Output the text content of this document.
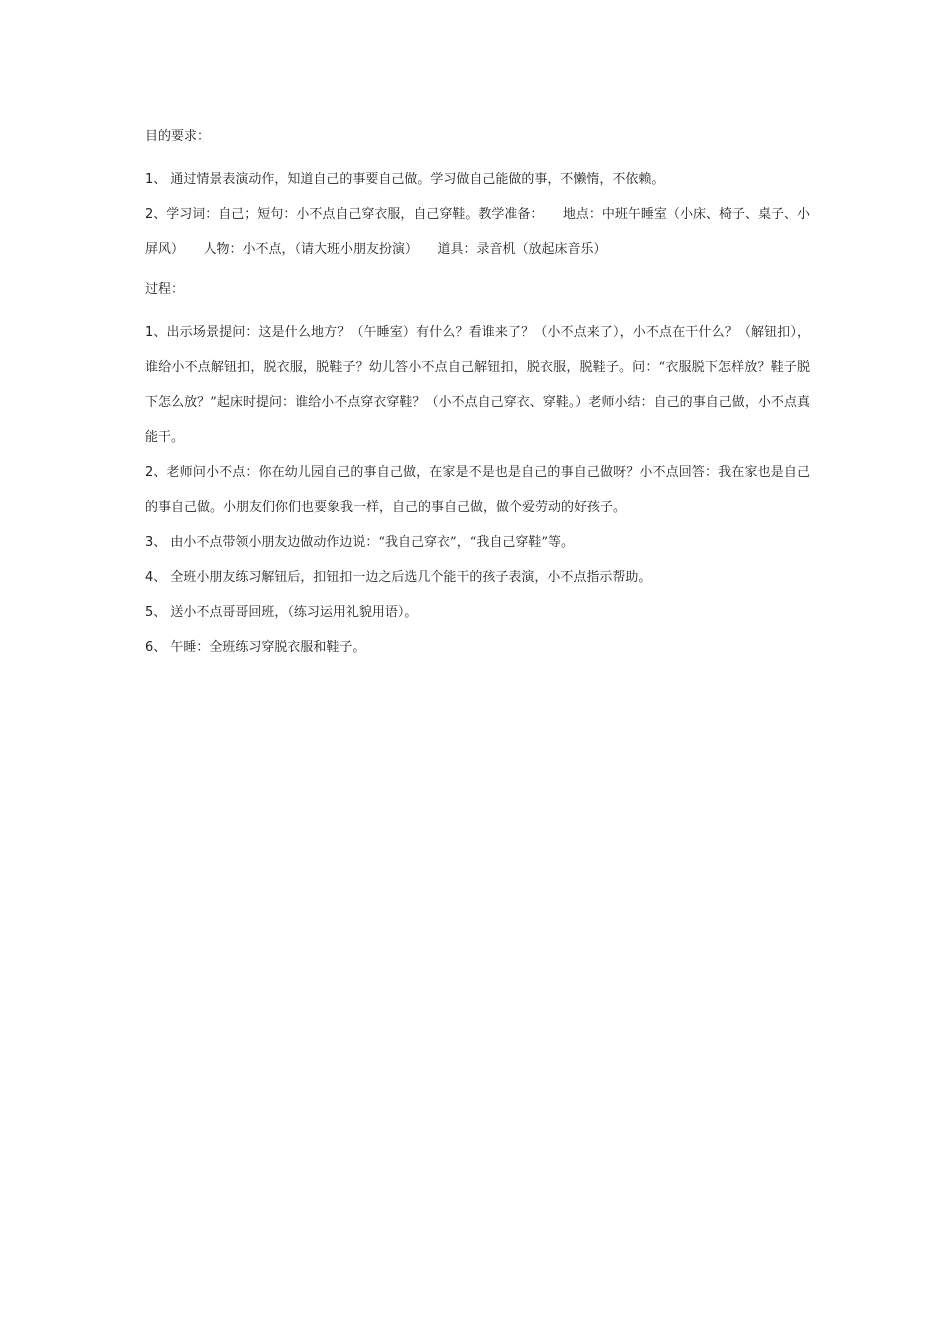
目的要求：

1、 通过情景表演动作，知道自己的事要自己做。学习做自己能做的事，不懒惰，不依赖。

2、学习词：自己；短句：小不点自己穿衣服，自己穿鞋。教学准备：　　地点：中班午睡室（小床、椅子、桌子、小屏风）　　人物：小不点，（请大班小朋友扮演）　　道具：录音机（放起床音乐）

过程：

1、出示场景提问：这是什么地方？（午睡室）有什么？看谁来了？（小不点来了），小不点在干什么？（解钮扣），谁给小不点解钮扣，脱衣服，脱鞋子？幼儿答小不点自己解钮扣，脱衣服，脱鞋子。问：“衣服脱下怎样放？鞋子脱下怎么放？”起床时提问：谁给小不点穿衣穿鞋？（小不点自己穿衣、穿鞋。）老师小结：自己的事自己做，小不点真能干。

2、老师问小不点：你在幼儿园自己的事自己做，在家是不是也是自己的事自己做呀？小不点回答：我在家也是自己的事自己做。小朋友们你们也要象我一样，自己的事自己做，做个爱劳动的好孩子。

3、 由小不点带领小朋友边做动作边说：“我自己穿衣”，“我自己穿鞋”等。

4、 全班小朋友练习解钮后，扣钮扣一边之后选几个能干的孩子表演，小不点指示帮助。

5、 送小不点哥哥回班，（练习运用礼貌用语）。

6、 午睡：全班练习穿脱衣服和鞋子。
